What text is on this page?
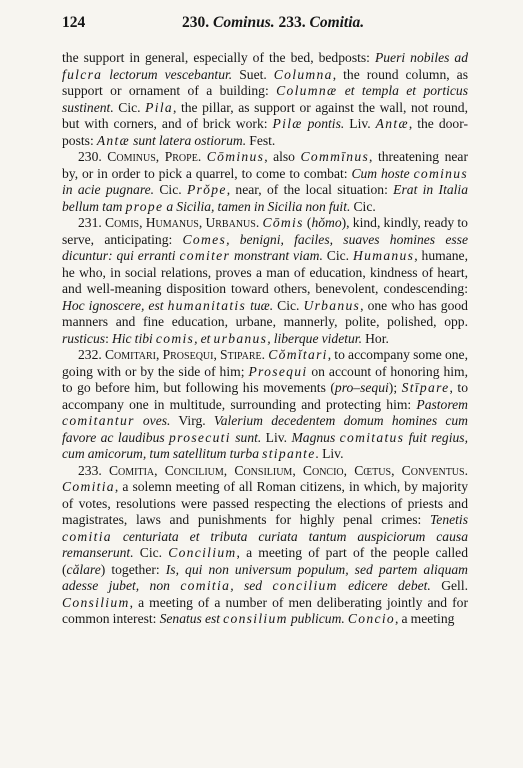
124	230. Cominus. 233. Comitia.

the support in general, especially of the bed, bedposts: Pueri nobiles ad fulcra lectorum vescebantur. Suet. Columna, the round column, as support or ornament of a building: Columnæ et templa et porticus sustinent. Cic. Pila, the pillar, as support or against the wall, not round, but with corners, and of brick work: Pilæ pontis. Liv. Antæ, the door-posts: Antæ sunt latera ostiorum. Fest.

230. Cominus, Prope. Cōminus, also Commīnus, threatening near by, or in order to pick a quarrel, to come to combat: Cum hoste cominus in acie pugnare. Cic. Prŏpe, near, of the local situation: Erat in Italia bellum tam prope a Sicilia, tamen in Sicilia non fuit. Cic.

231. Comis, Humanus, Urbanus. Cōmis (hŏmo), kind, kindly, ready to serve, anticipating: Comes, benigni, faciles, suaves homines esse dicuntur: qui erranti comiter monstrant viam. Cic. Humanus, humane, he who, in social relations, proves a man of education, kindness of heart, and well-meaning disposition toward others, benevolent, condescending: Hoc ignoscere, est humanitatis tuæ. Cic. Urbanus, one who has good manners and fine education, urbane, mannerly, polite, polished, opp. rusticus: Hic tibi comis, et urbanus, liberque videtur. Hor.

232. Comitari, Prosequi, Stipare. Cŏmĭtari, to accompany some one, going with or by the side of him; Prosequi on account of honoring him, to go before him, but following his movements (pro–sequi); Stīpare, to accompany one in multitude, surrounding and protecting him: Pastorem comitantur oves. Virg. Valerium decedentem domum homines cum favore ac laudibus prosecuti sunt. Liv. Magnus comitatus fuit regius, cum amicorum, tum satellitum turba stipante. Liv.

233. Comitia, Concilium, Consilium, Concio, Cœtus, Conventus. Comitia, a solemn meeting of all Roman citizens, in which, by majority of votes, resolutions were passed respecting the elections of priests and magistrates, laws and punishments for highly penal crimes: Tenetis comitia centuriata et tributa curiata tantum auspiciorum causa remanserunt. Cic. Concilium, a meeting of part of the people called (călare) together: Is, qui non universum populum, sed partem aliquam adesse jubet, non comitia, sed concilium edicere debet. Gell. Consilium, a meeting of a number of men deliberating jointly and for common interest: Senatus est consilium publicum. Concio, a meeting
